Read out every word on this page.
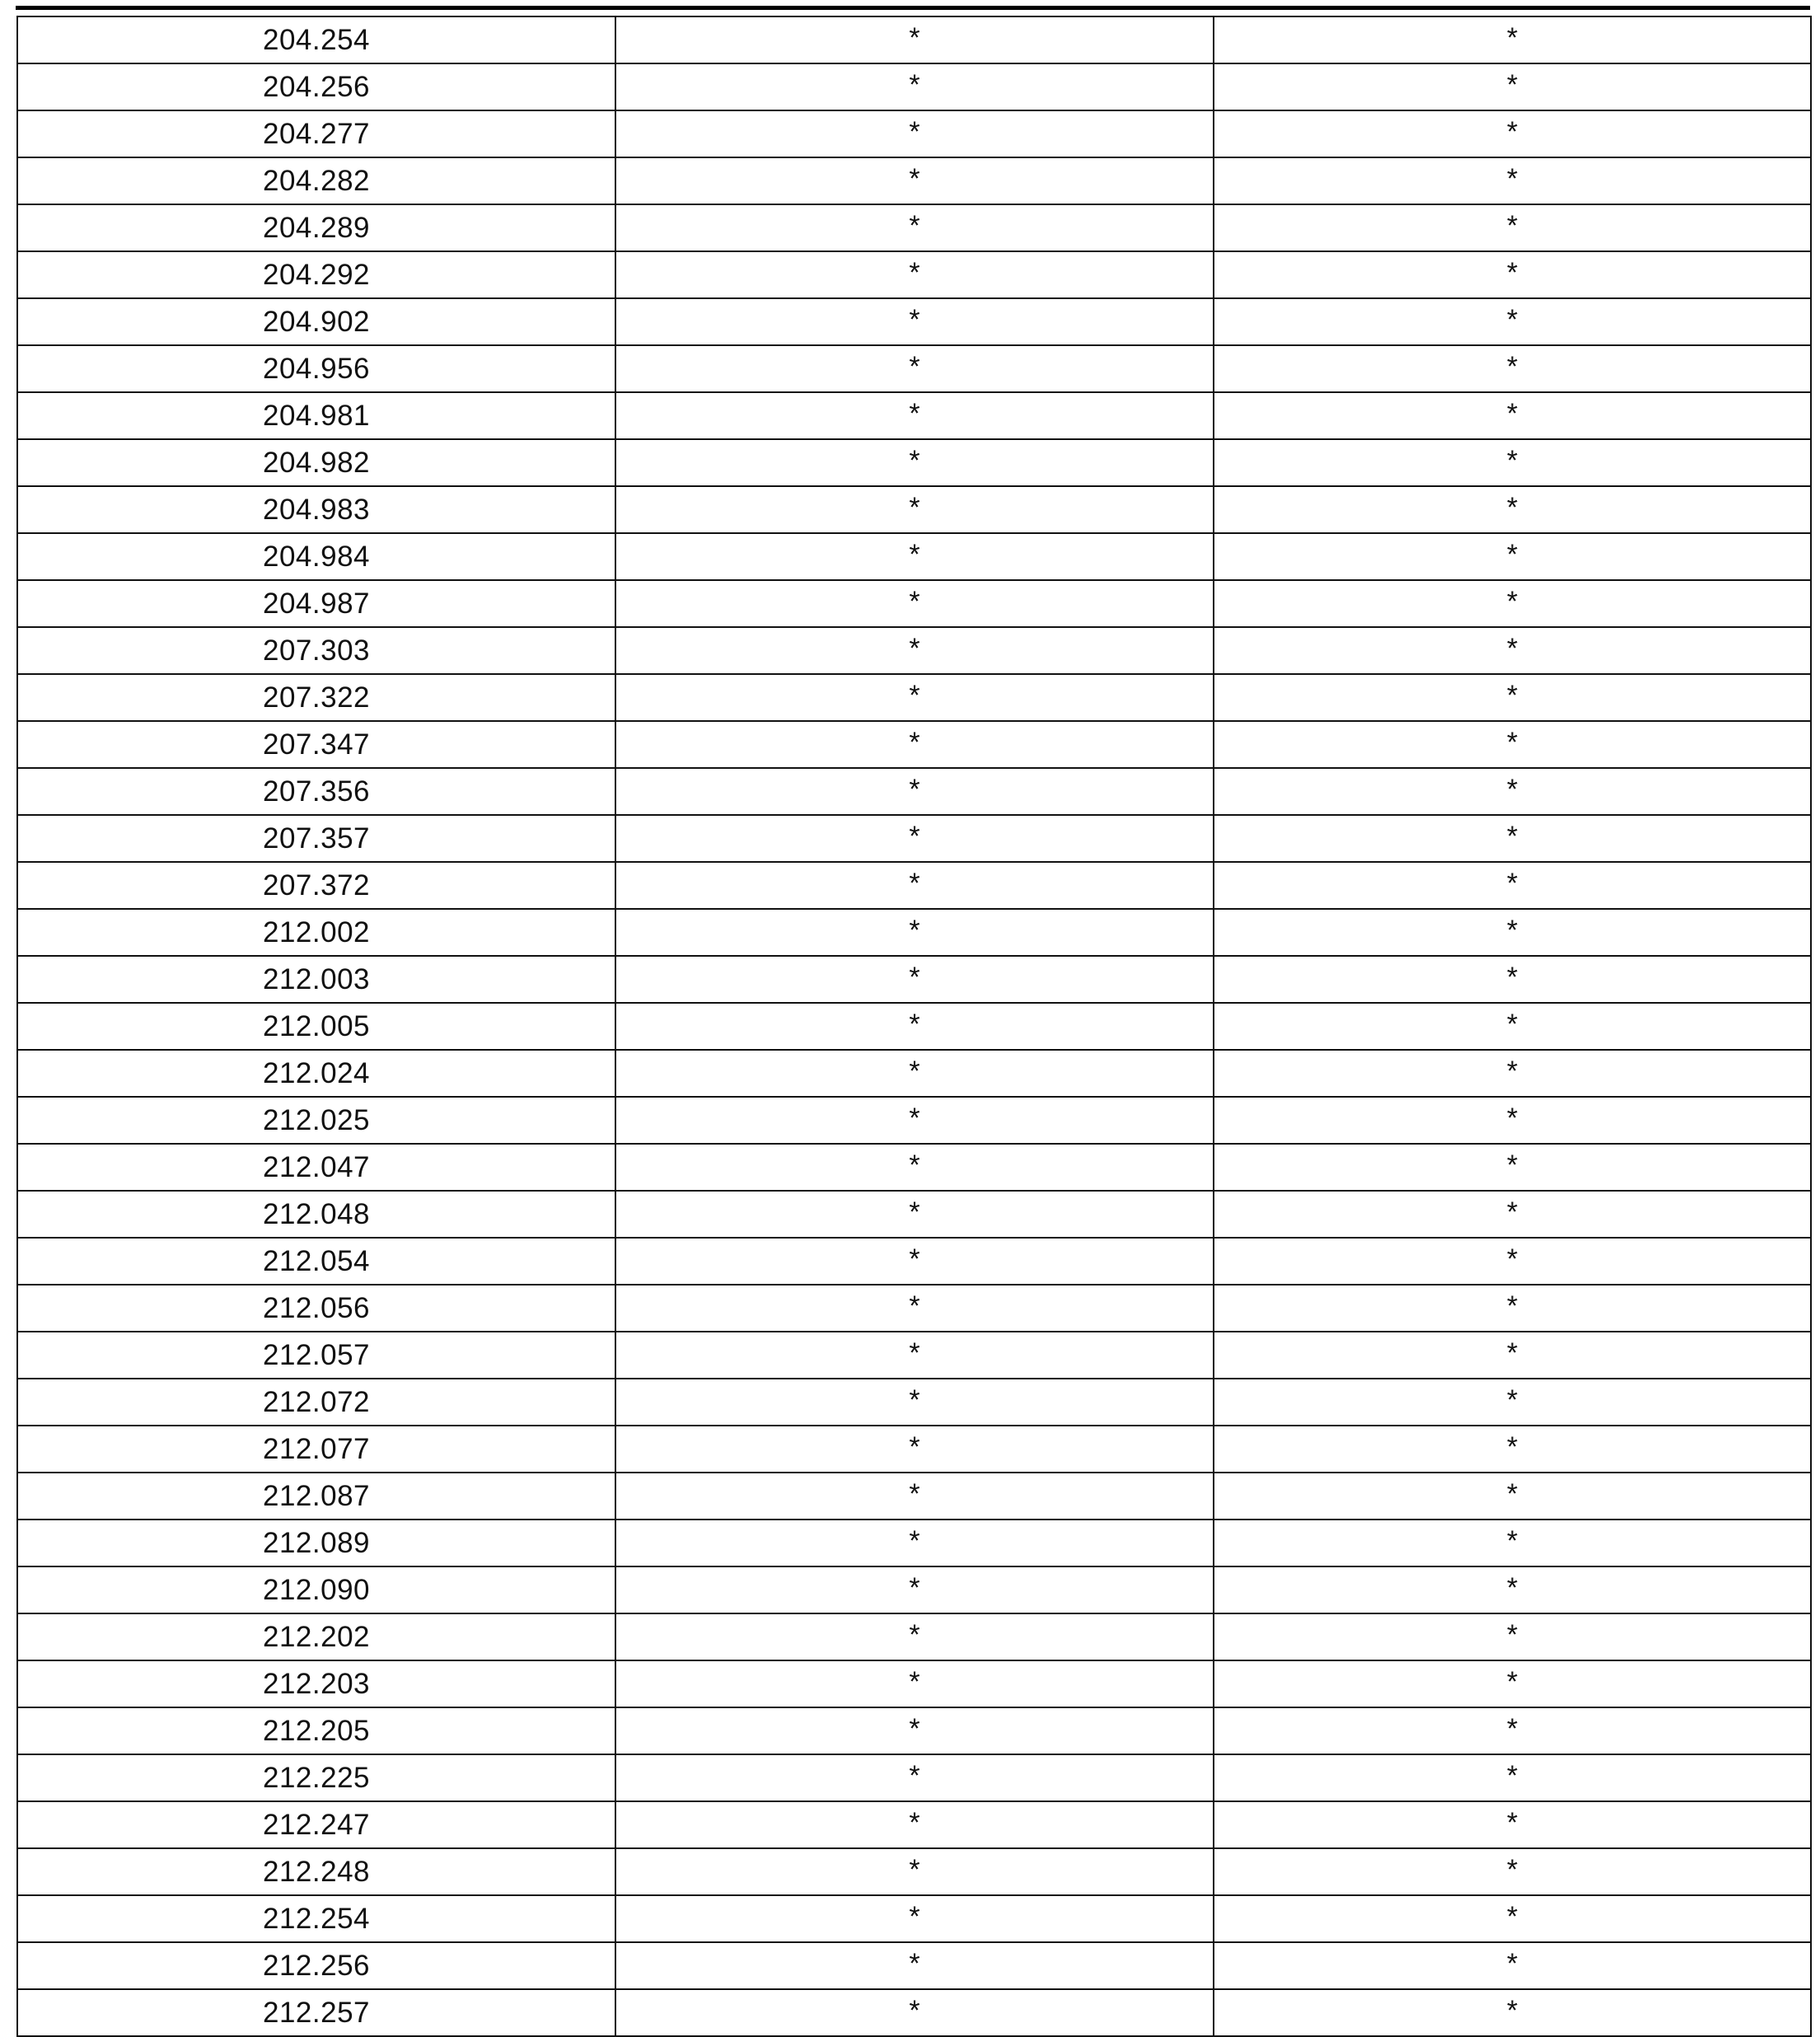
204.254	*	*
204.256	*	*
204.277	*	*
204.282	*	*
204.289	*	*
204.292	*	*
204.902	*	*
204.956	*	*
204.981	*	*
204.982	*	*
204.983	*	*
204.984	*	*
204.987	*	*
207.303	*	*
207.322	*	*
207.347	*	*
207.356	*	*
207.357	*	*
207.372	*	*
212.002	*	*
212.003	*	*
212.005	*	*
212.024	*	*
212.025	*	*
212.047	*	*
212.048	*	*
212.054	*	*
212.056	*	*
212.057	*	*
212.072	*	*
212.077	*	*
212.087	*	*
212.089	*	*
212.090	*	*
212.202	*	*
212.203	*	*
212.205	*	*
212.225	*	*
212.247	*	*
212.248	*	*
212.254	*	*
212.256	*	*
212.257	*	*
